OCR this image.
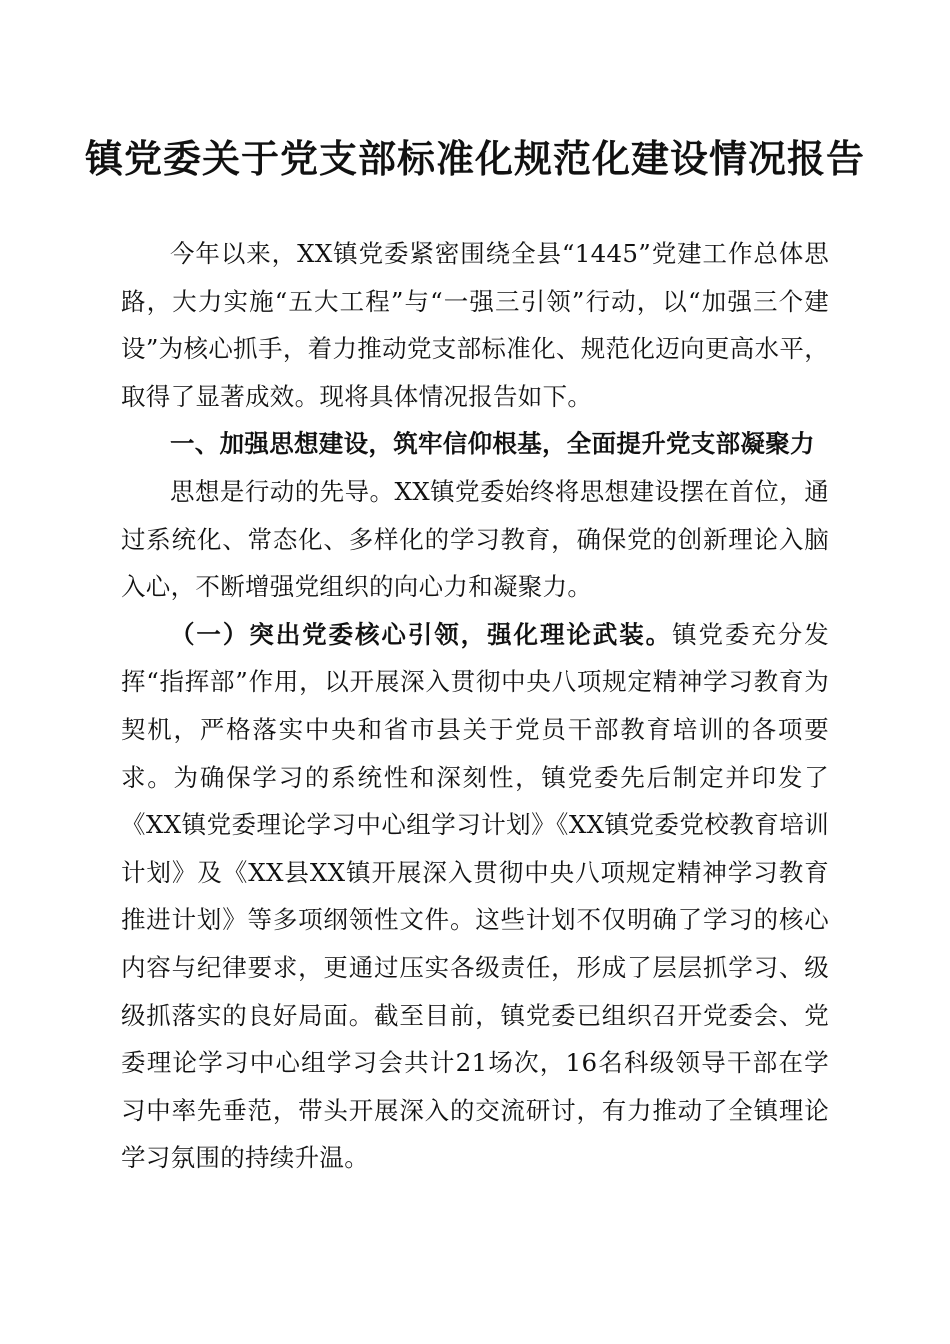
镇党委关于党支部标准化规范化建设情况报告

今年以来，XX镇党委紧密围绕全县“1445”党建工作总体思路，大力实施“五大工程”与“一强三引领”行动，以“加强三个建设”为核心抓手，着力推动党支部标准化、规范化迈向更高水平，取得了显著成效。现将具体情况报告如下。

一、加强思想建设，筑牢信仰根基，全面提升党支部凝聚力

思想是行动的先导。XX镇党委始终将思想建设摆在首位，通过系统化、常态化、多样化的学习教育，确保党的创新理论入脑入心，不断增强党组织的向心力和凝聚力。

（一）突出党委核心引领，强化理论武装。镇党委充分发挥“指挥部”作用，以开展深入贯彻中央八项规定精神学习教育为契机，严格落实中央和省市县关于党员干部教育培训的各项要求。为确保学习的系统性和深刻性，镇党委先后制定并印发了《XX镇党委理论学习中心组学习计划》《XX镇党委党校教育培训计划》及《XX县XX镇开展深入贯彻中央八项规定精神学习教育推进计划》等多项纲领性文件。这些计划不仅明确了学习的核心内容与纪律要求，更通过压实各级责任，形成了层层抓学习、级级抓落实的良好局面。截至目前，镇党委已组织召开党委会、党委理论学习中心组学习会共计21场次，16名科级领导干部在学习中率先垂范，带头开展深入的交流研讨，有力推动了全镇理论学习氛围的持续升温。
